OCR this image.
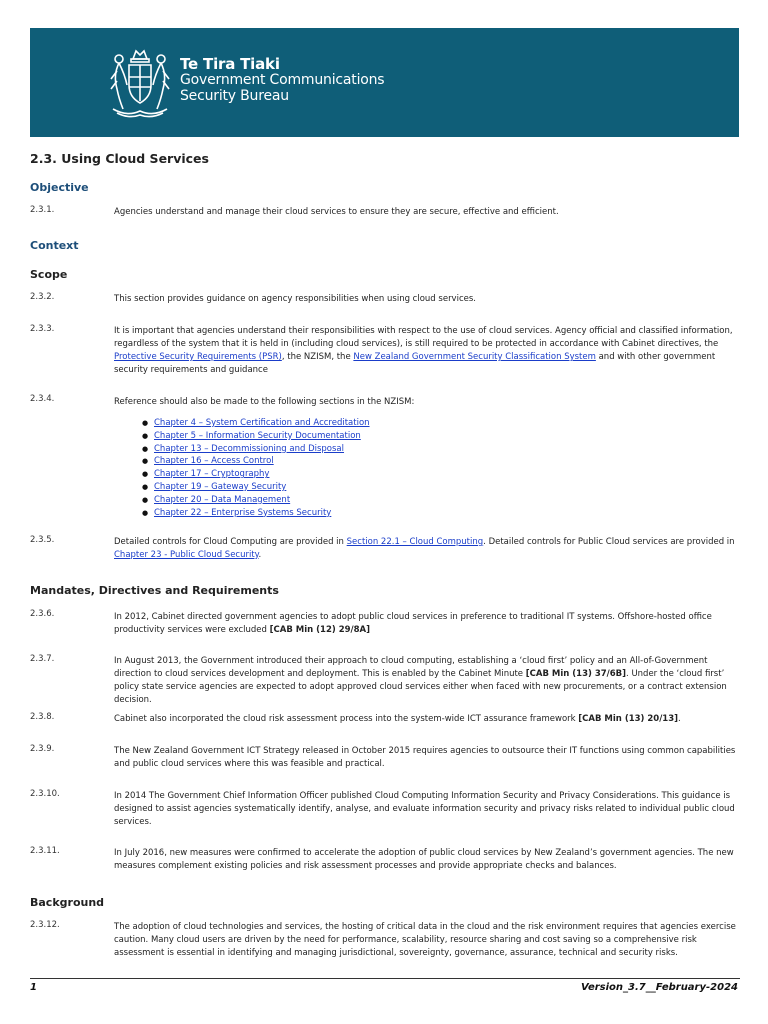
Te Tira Tiaki
Government Communications
Security Bureau
2.3. Using Cloud Services
Objective
2.3.1.	Agencies understand and manage their cloud services to ensure they are secure, effective and efficient.
Context
Scope
2.3.2.	This section provides guidance on agency responsibilities when using cloud services.
2.3.3.	It is important that agencies understand their responsibilities with respect to the use of cloud services. Agency official and classified information, regardless of the system that it is held in (including cloud services), is still required to be protected in accordance with Cabinet directives, the Protective Security Requirements (PSR), the NZISM, the New Zealand Government Security Classification System and with other government security requirements and guidance
2.3.4.	Reference should also be made to the following sections in the NZISM:
● Chapter 4 – System Certification and Accreditation
● Chapter 5 – Information Security Documentation
● Chapter 13 – Decommissioning and Disposal
● Chapter 16 – Access Control
● Chapter 17 – Cryptography
● Chapter 19 – Gateway Security
● Chapter 20 – Data Management
● Chapter 22 – Enterprise Systems Security
2.3.5.	Detailed controls for Cloud Computing are provided in Section 22.1 – Cloud Computing. Detailed controls for Public Cloud services are provided in Chapter 23 - Public Cloud Security.
Mandates, Directives and Requirements
2.3.6.	In 2012, Cabinet directed government agencies to adopt public cloud services in preference to traditional IT systems. Offshore-hosted office productivity services were excluded [CAB Min (12) 29/8A]
2.3.7.	In August 2013, the Government introduced their approach to cloud computing, establishing a ‘cloud first’ policy and an All-of-Government direction to cloud services development and deployment. This is enabled by the Cabinet Minute [CAB Min (13) 37/6B]. Under the ‘cloud first’ policy state service agencies are expected to adopt approved cloud services either when faced with new procurements, or a contract extension decision.
2.3.8.	Cabinet also incorporated the cloud risk assessment process into the system-wide ICT assurance framework [CAB Min (13) 20/13].
2.3.9.	The New Zealand Government ICT Strategy released in October 2015 requires agencies to outsource their IT functions using common capabilities and public cloud services where this was feasible and practical.
2.3.10.	In 2014 The Government Chief Information Officer published Cloud Computing Information Security and Privacy Considerations. This guidance is designed to assist agencies systematically identify, analyse, and evaluate information security and privacy risks related to individual public cloud services.
2.3.11.	In July 2016, new measures were confirmed to accelerate the adoption of public cloud services by New Zealand’s government agencies. The new measures complement existing policies and risk assessment processes and provide appropriate checks and balances.
Background
2.3.12.	The adoption of cloud technologies and services, the hosting of critical data in the cloud and the risk environment requires that agencies exercise caution. Many cloud users are driven by the need for performance, scalability, resource sharing and cost saving so a comprehensive risk assessment is essential in identifying and managing jurisdictional, sovereignty, governance, assurance, technical and security risks.
1	Version_3.7__February-2024
